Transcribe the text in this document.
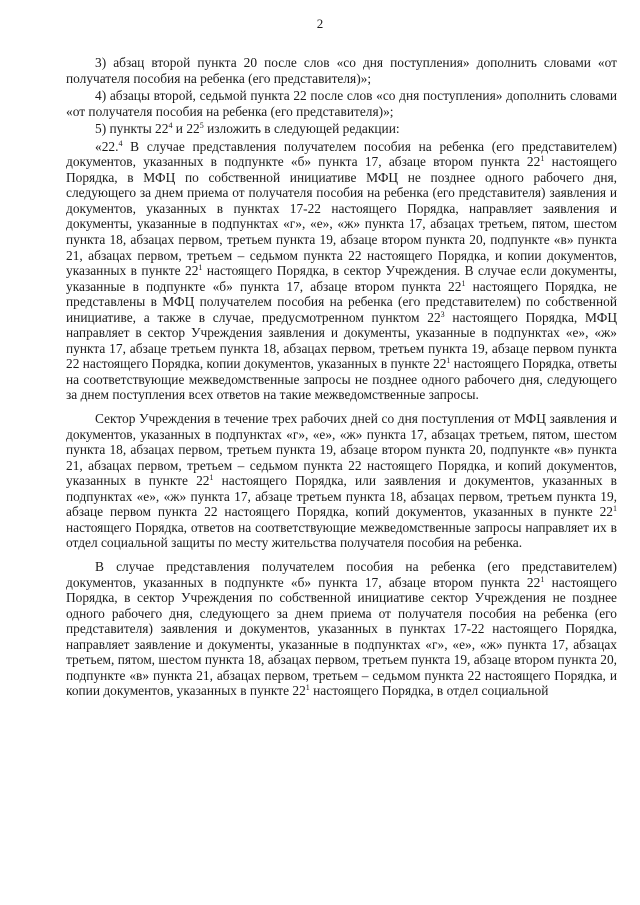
2

3) абзац второй пункта 20 после слов «со дня поступления» дополнить словами «от получателя пособия на ребенка (его представителя)»;

4) абзацы второй, седьмой пункта 22 после слов «со дня поступления» дополнить словами «от получателя пособия на ребенка (его представителя)»;

5) пункты $22^4$ и $22^5$ изложить в следующей редакции:

«22.$^4$ В случае представления получателем пособия на ребенка (его представителем) документов, указанных в подпункте «б» пункта 17, абзаце втором пункта $22^1$ настоящего Порядка, в МФЦ по собственной инициативе МФЦ не позднее одного рабочего дня, следующего за днем приема от получателя пособия на ребенка (его представителя) заявления и документов, указанных в пунктах 17-22 настоящего Порядка, направляет заявления и документы, указанные в подпунктах «г», «е», «ж» пункта 17, абзацах третьем, пятом, шестом пункта 18, абзацах первом, третьем пункта 19, абзаце втором пункта 20, подпункте «в» пункта 21, абзацах первом, третьем – седьмом пункта 22 настоящего Порядка, и копии документов, указанных в пункте $22^1$ настоящего Порядка, в сектор Учреждения. В случае если документы, указанные в подпункте «б» пункта 17, абзаце втором пункта $22^1$ настоящего Порядка, не представлены в МФЦ получателем пособия на ребенка (его представителем) по собственной инициативе, а также в случае, предусмотренном пунктом $22^3$ настоящего Порядка, МФЦ направляет в сектор Учреждения заявления и документы, указанные в подпунктах «е», «ж» пункта 17, абзаце третьем пункта 18, абзацах первом, третьем пункта 19, абзаце первом пункта 22 настоящего Порядка, копии документов, указанных в пункте $22^1$ настоящего Порядка, ответы на соответствующие межведомственные запросы не позднее одного рабочего дня, следующего за днем поступления всех ответов на такие межведомственные запросы.

Сектор Учреждения в течение трех рабочих дней со дня поступления от МФЦ заявления и документов, указанных в подпунктах «г», «е», «ж» пункта 17, абзацах третьем, пятом, шестом пункта 18, абзацах первом, третьем пункта 19, абзаце втором пункта 20, подпункте «в» пункта 21, абзацах первом, третьем – седьмом пункта 22 настоящего Порядка, и копий документов, указанных в пункте $22^1$ настоящего Порядка, или заявления и документов, указанных в подпунктах «е», «ж» пункта 17, абзаце третьем пункта 18, абзацах первом, третьем пункта 19, абзаце первом пункта 22 настоящего Порядка, копий документов, указанных в пункте $22^1$ настоящего Порядка, ответов на соответствующие межведомственные запросы направляет их в отдел социальной защиты по месту жительства получателя пособия на ребенка.

В случае представления получателем пособия на ребенка (его представителем) документов, указанных в подпункте «б» пункта 17, абзаце втором пункта $22^1$ настоящего Порядка, в сектор Учреждения по собственной инициативе сектор Учреждения не позднее одного рабочего дня, следующего за днем приема от получателя пособия на ребенка (его представителя) заявления и документов, указанных в пунктах 17-22 настоящего Порядка, направляет заявление и документы, указанные в подпунктах «г», «е», «ж» пункта 17, абзацах третьем, пятом, шестом пункта 18, абзацах первом, третьем пункта 19, абзаце втором пункта 20, подпункте «в» пункта 21, абзацах первом, третьем – седьмом пункта 22 настоящего Порядка, и копии документов, указанных в пункте $22^1$ настоящего Порядка, в отдел социальной
